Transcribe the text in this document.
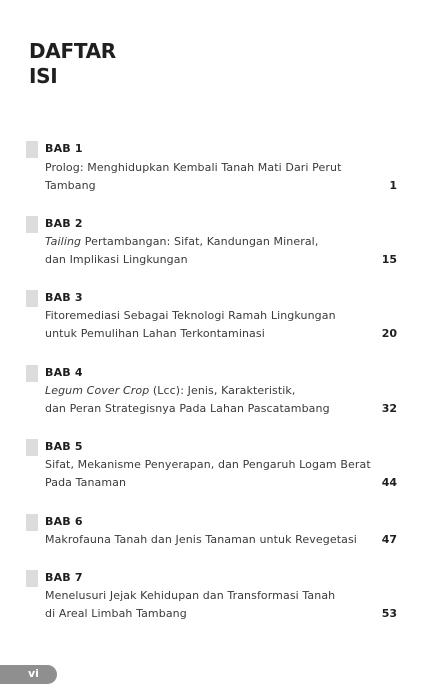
DAFTAR
ISI
BAB 1
Prolog: Menghidupkan Kembali Tanah Mati Dari Perut
Tambang	1
BAB 2
Tailing Pertambangan: Sifat, Kandungan Mineral,
dan Implikasi Lingkungan	15
BAB 3
Fitoremediasi Sebagai Teknologi Ramah Lingkungan
untuk Pemulihan Lahan Terkontaminasi	20
BAB 4
Legum Cover Crop (Lcc): Jenis, Karakteristik,
dan Peran Strategisnya Pada Lahan Pascatambang	32
BAB 5
Sifat, Mekanisme Penyerapan, dan Pengaruh Logam Berat
Pada Tanaman	44
BAB 6
Makrofauna Tanah dan Jenis Tanaman untuk Revegetasi 47
BAB 7
Menelusuri Jejak Kehidupan dan Transformasi Tanah
di Areal Limbah Tambang	53
vi
